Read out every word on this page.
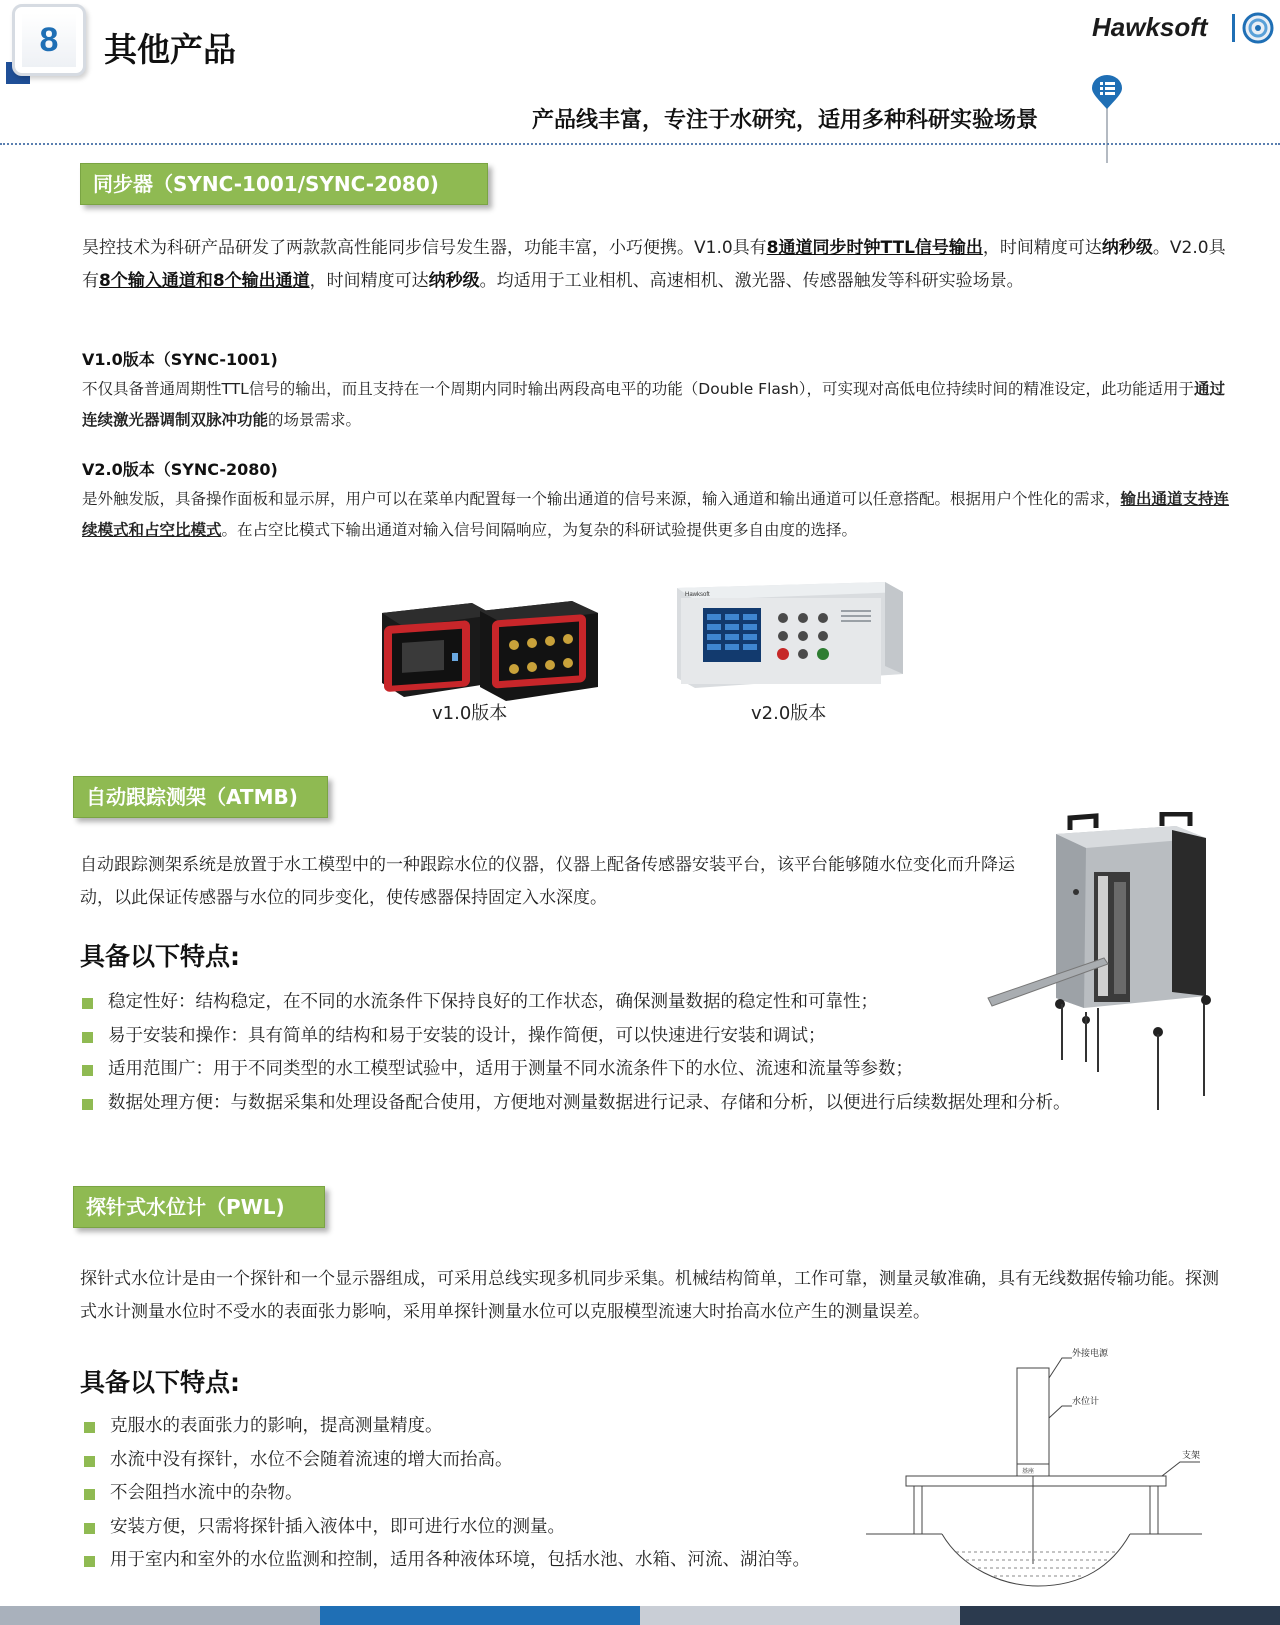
8	其他产品
Hawksoft
产品线丰富，专注于水研究，适用多种科研实验场景
同步器（SYNC-1001/SYNC-2080)
昊控技术为科研产品研发了两款款高性能同步信号发生器，功能丰富，小巧便携。V1.0具有8通道同步时钟TTL信号输出，时间精度可达纳秒级。V2.0具有8个输入通道和8个输出通道，时间精度可达纳秒级。均适用于工业相机、高速相机、激光器、传感器触发等科研实验场景。
V1.0版本（SYNC-1001)
不仅具备普通周期性TTL信号的输出，而且支持在一个周期内同时输出两段高电平的功能（Double Flash），可实现对高低电位持续时间的精准设定，此功能适用于通过连续激光器调制双脉冲功能的场景需求。
V2.0版本（SYNC-2080)
是外触发版，具备操作面板和显示屏，用户可以在菜单内配置每一个输出通道的信号来源，输入通道和输出通道可以任意搭配。根据用户个性化的需求，输出通道支持连续模式和占空比模式。在占空比模式下输出通道对输入信号间隔响应，为复杂的科研试验提供更多自由度的选择。
v1.0版本
Hawksoft
v2.0版本
自动跟踪测架（ATMB)
自动跟踪测架系统是放置于水工模型中的一种跟踪水位的仪器，仪器上配备传感器安装平台，该平台能够随水位变化而升降运动，以此保证传感器与水位的同步变化，使传感器保持固定入水深度。
具备以下特点:
稳定性好：结构稳定，在不同的水流条件下保持良好的工作状态，确保测量数据的稳定性和可靠性；
易于安装和操作：具有简单的结构和易于安装的设计，操作简便，可以快速进行安装和调试；
适用范围广：用于不同类型的水工模型试验中，适用于测量不同水流条件下的水位、流速和流量等参数；
数据处理方便：与数据采集和处理设备配合使用，方便地对测量数据进行记录、存储和分析，以便进行后续数据处理和分析。
探针式水位计（PWL)
探针式水位计是由一个探针和一个显示器组成，可采用总线实现多机同步采集。机械结构简单，工作可靠，测量灵敏准确，具有无线数据传输功能。探测式水计测量水位时不受水的表面张力影响，采用单探针测量水位可以克服模型流速大时抬高水位产生的测量误差。
具备以下特点:
克服水的表面张力的影响，提高测量精度。
水流中没有探针，水位不会随着流速的增大而抬高。
不会阻挡水流中的杂物。
安装方便，只需将探针插入液体中，即可进行水位的测量。
用于室内和室外的水位监测和控制，适用各种液体环境，包括水池、水箱、河流、湖泊等。
外接电源
水位计
支架
基座
